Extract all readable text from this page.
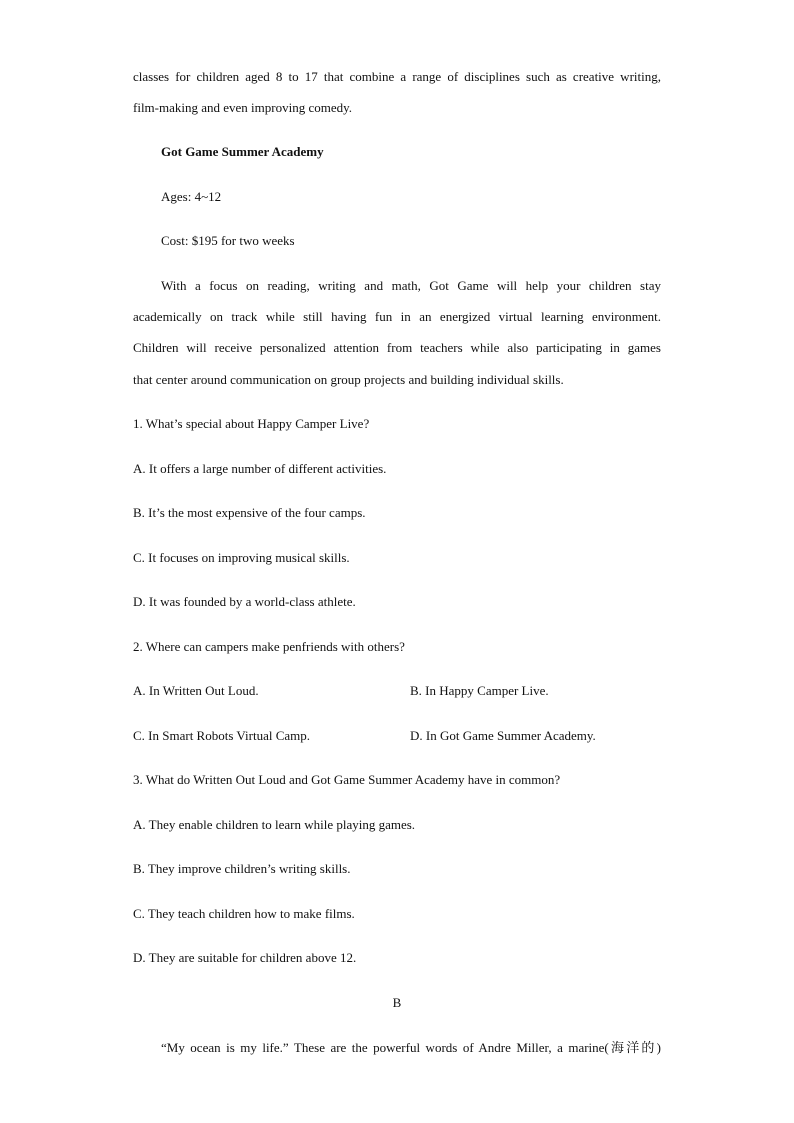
classes for children aged 8 to 17 that combine a range of disciplines such as creative writing,
film-making and even improving comedy.
Got Game Summer Academy
Ages: 4~12
Cost: $195 for two weeks
With a focus on reading, writing and math, Got Game will help your children stay
academically on track while still having fun in an energized virtual learning environment.
Children will receive personalized attention from teachers while also participating in games
that center around communication on group projects and building individual skills.
1. What’s special about Happy Camper Live?
A. It offers a large number of different activities.
B. It’s the most expensive of the four camps.
C. It focuses on improving musical skills.
D. It was founded by a world-class athlete.
2. Where can campers make penfriends with others?
A. In Written Out Loud.	B. In Happy Camper Live.
C. In Smart Robots Virtual Camp.	D. In Got Game Summer Academy.
3. What do Written Out Loud and Got Game Summer Academy have in common?
A. They enable children to learn while playing games.
B. They improve children’s writing skills.
C. They teach children how to make films.
D. They are suitable for children above 12.
B
“My ocean is my life.” These are the powerful words of Andre Miller, a marine(海洋的)
